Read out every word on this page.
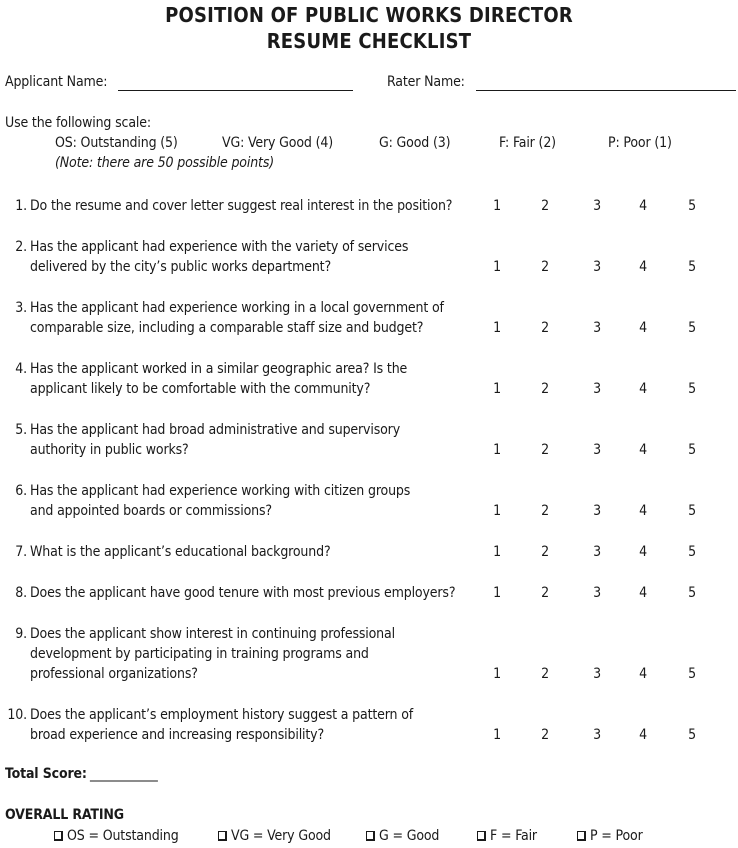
POSITION OF PUBLIC WORKS DIRECTOR
RESUME CHECKLIST
Applicant Name:	Rater Name:
Use the following scale:
OS: Outstanding (5)	VG: Very Good (4)	G: Good (3)	F: Fair (2)	P: Poor (1)
(Note: there are 50 possible points)
1. Do the resume and cover letter suggest real interest in the position?	1	2	3	4	5
2. Has the applicant had experience with the variety of services
delivered by the city’s public works department?	1	2	3	4	5
3. Has the applicant had experience working in a local government of
comparable size, including a comparable staff size and budget?	1	2	3	4	5
4. Has the applicant worked in a similar geographic area? Is the
applicant likely to be comfortable with the community?	1	2	3	4	5
5. Has the applicant had broad administrative and supervisory
authority in public works?	1	2	3	4	5
6. Has the applicant had experience working with citizen groups
and appointed boards or commissions?	1	2	3	4	5
7. What is the applicant’s educational background?	1	2	3	4	5
8. Does the applicant have good tenure with most previous employers?	1	2	3	4	5
9. Does the applicant show interest in continuing professional
development by participating in training programs and
professional organizations?	1	2	3	4	5
10. Does the applicant’s employment history suggest a pattern of
broad experience and increasing responsibility?	1	2	3	4	5
Total Score: ___________
OVERALL RATING
OS = Outstanding	VG = Very Good	G = Good	F = Fair	P = Poor
